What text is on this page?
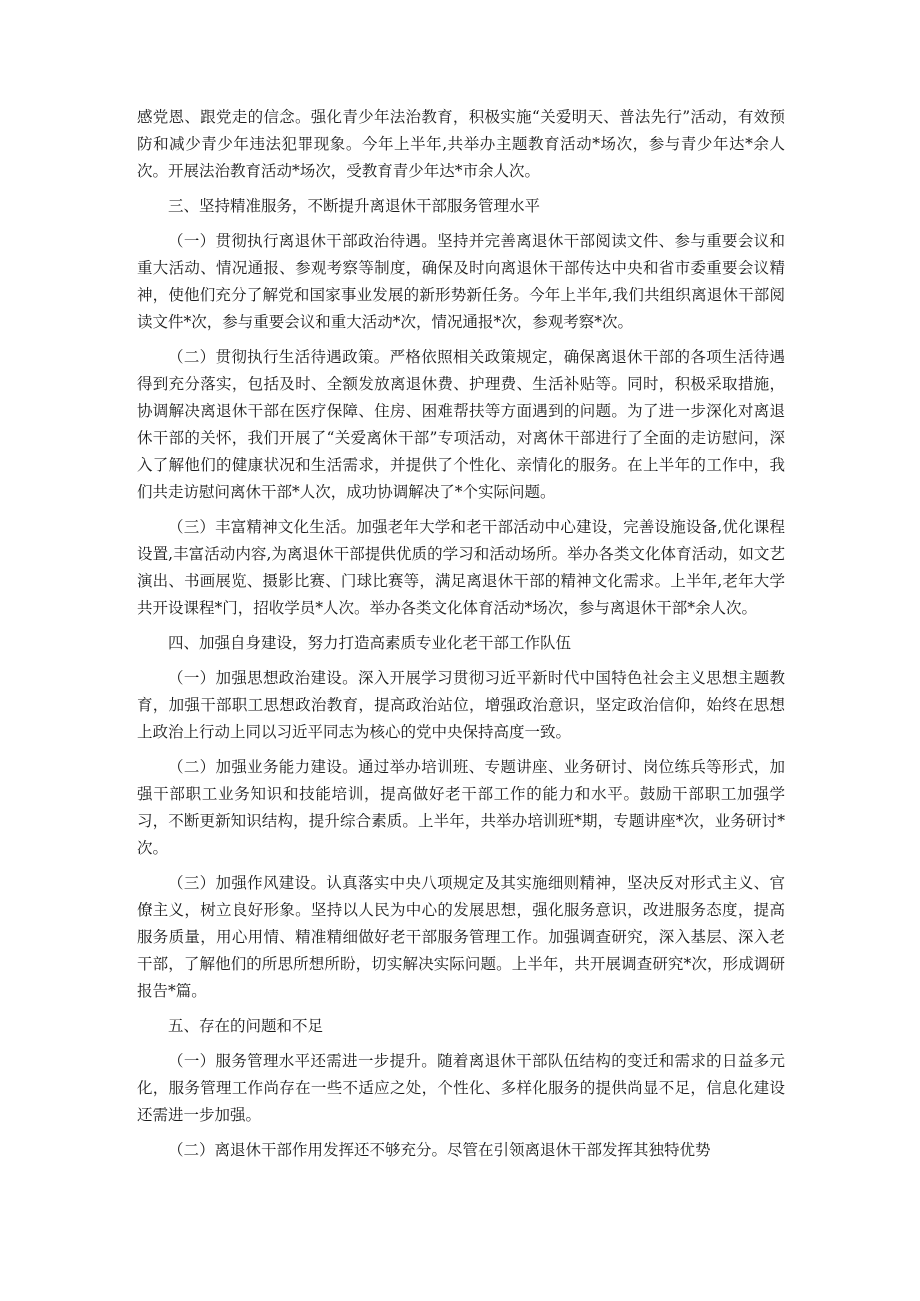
感党恩、跟党走的信念。强化青少年法治教育，积极实施“关爱明天、普法先行”活动，有效预防和减少青少年违法犯罪现象。今年上半年,共举办主题教育活动*场次，参与青少年达*余人次。开展法治教育活动*场次，受教育青少年达*市余人次。

三、坚持精准服务，不断提升离退休干部服务管理水平

（一）贯彻执行离退休干部政治待遇。坚持并完善离退休干部阅读文件、参与重要会议和重大活动、情况通报、参观考察等制度，确保及时向离退休干部传达中央和省市委重要会议精神，使他们充分了解党和国家事业发展的新形势新任务。今年上半年,我们共组织离退休干部阅读文件*次，参与重要会议和重大活动*次，情况通报*次，参观考察*次。

（二）贯彻执行生活待遇政策。严格依照相关政策规定，确保离退休干部的各项生活待遇得到充分落实，包括及时、全额发放离退休费、护理费、生活补贴等。同时，积极采取措施，协调解决离退休干部在医疗保障、住房、困难帮扶等方面遇到的问题。为了进一步深化对离退休干部的关怀，我们开展了“关爱离休干部”专项活动，对离休干部进行了全面的走访慰问，深入了解他们的健康状况和生活需求，并提供了个性化、亲情化的服务。在上半年的工作中，我们共走访慰问离休干部*人次，成功协调解决了*个实际问题。

（三）丰富精神文化生活。加强老年大学和老干部活动中心建设，完善设施设备,优化课程设置,丰富活动内容,为离退休干部提供优质的学习和活动场所。举办各类文化体育活动，如文艺演出、书画展览、摄影比赛、门球比赛等，满足离退休干部的精神文化需求。上半年,老年大学共开设课程*门，招收学员*人次。举办各类文化体育活动*场次，参与离退休干部*余人次。

四、加强自身建设，努力打造高素质专业化老干部工作队伍

（一）加强思想政治建设。深入开展学习贯彻习近平新时代中国特色社会主义思想主题教育，加强干部职工思想政治教育，提高政治站位，增强政治意识，坚定政治信仰，始终在思想上政治上行动上同以习近平同志为核心的党中央保持高度一致。

（二）加强业务能力建设。通过举办培训班、专题讲座、业务研讨、岗位练兵等形式，加强干部职工业务知识和技能培训，提高做好老干部工作的能力和水平。鼓励干部职工加强学习，不断更新知识结构，提升综合素质。上半年，共举办培训班*期，专题讲座*次，业务研讨*次。

（三）加强作风建设。认真落实中央八项规定及其实施细则精神，坚决反对形式主义、官僚主义，树立良好形象。坚持以人民为中心的发展思想，强化服务意识，改进服务态度，提高服务质量，用心用情、精准精细做好老干部服务管理工作。加强调查研究，深入基层、深入老干部，了解他们的所思所想所盼，切实解决实际问题。上半年，共开展调查研究*次，形成调研报告*篇。

五、存在的问题和不足

（一）服务管理水平还需进一步提升。随着离退休干部队伍结构的变迁和需求的日益多元化，服务管理工作尚存在一些不适应之处，个性化、多样化服务的提供尚显不足，信息化建设还需进一步加强。

（二）离退休干部作用发挥还不够充分。尽管在引领离退休干部发挥其独特优势
